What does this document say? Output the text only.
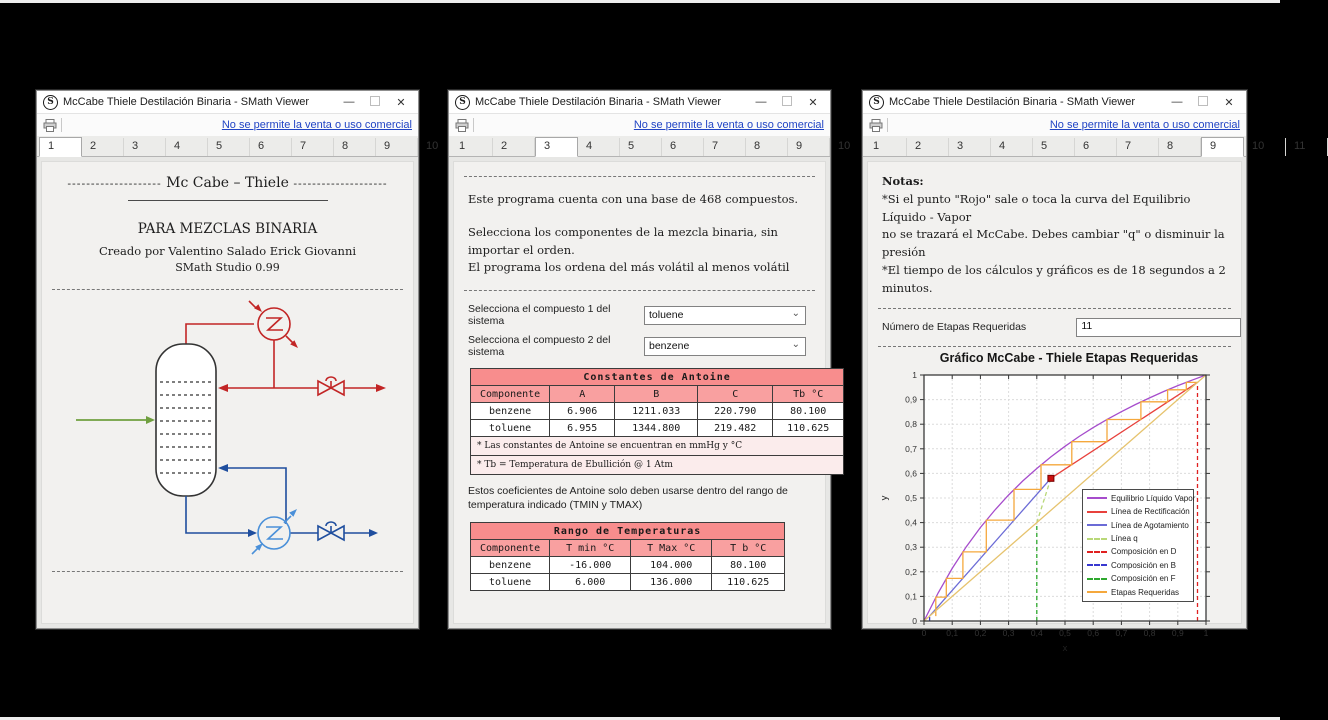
S McCabe Thiele Destilación Binaria - SMath Viewer	—	✕
No se permite la venta o uso comercial
1	2	3	4	5	6	7	8	9	10
-------------------- Mc Cabe – Thiele --------------------
PARA MEZCLAS BINARIA
Creado por Valentino Salado Erick Giovanni
SMath Studio 0.99
S McCabe Thiele Destilación Binaria - SMath Viewer	—	✕
No se permite la venta o uso comercial
1	2	3	4	5	6	7	8	9	10
Este programa cuenta con una base de 468 compuestos.
Selecciona los componentes de la mezcla binaria, sin importar el orden.
El programa los ordena del más volátil al menos volátil
Selecciona el compuesto 1 del sistema	toluene	⌄
Selecciona el compuesto 2 del sistema	benzene	⌄
Constantes de Antoine				
Componente	A	B	C	Tb °C
benzene	6.906	1211.033	220.790	80.100
toluene	6.955	1344.800	219.482	110.625
* Las constantes de Antoine se encuentran en mmHg y °C				
* Tb = Temperatura de Ebullición @ 1 Atm				
Estos coeficientes de Antoine solo deben usarse dentro del rango de temperatura indicado (TMIN y TMAX)
Rango de Temperaturas			
Componente	T min °C	T Max °C	T b °C
benzene	-16.000	104.000	80.100
toluene	6.000	136.000	110.625
S McCabe Thiele Destilación Binaria - SMath Viewer	—	✕
No se permite la venta o uso comercial
1	2	3	4	5	6	7	8	9	10	11
Notas:
*Si el punto "Rojo" sale o toca la curva del Equilibrio Líquido - Vapor
no se trazará el McCabe. Debes cambiar "q" o disminuir la presión
*El tiempo de los cálculos y gráficos es de 18 segundos a 2 minutos.
Número de Etapas Requeridas	11
0
0
0,1
0,1
0,2
0,2
0,3
0,3
0,4
0,4
0,5
0,5
0,6
0,6
0,7
0,7
0,8
0,8
0,9
0,9
1
1
Gráfico McCabe - Thiele Etapas Requeridas
x
y	Equilibrio Líquido Vapor
Línea de Rectificación
Línea de Agotamiento
Línea q
Composición en D
Composición en B
Composición en F
Etapas Requeridas
